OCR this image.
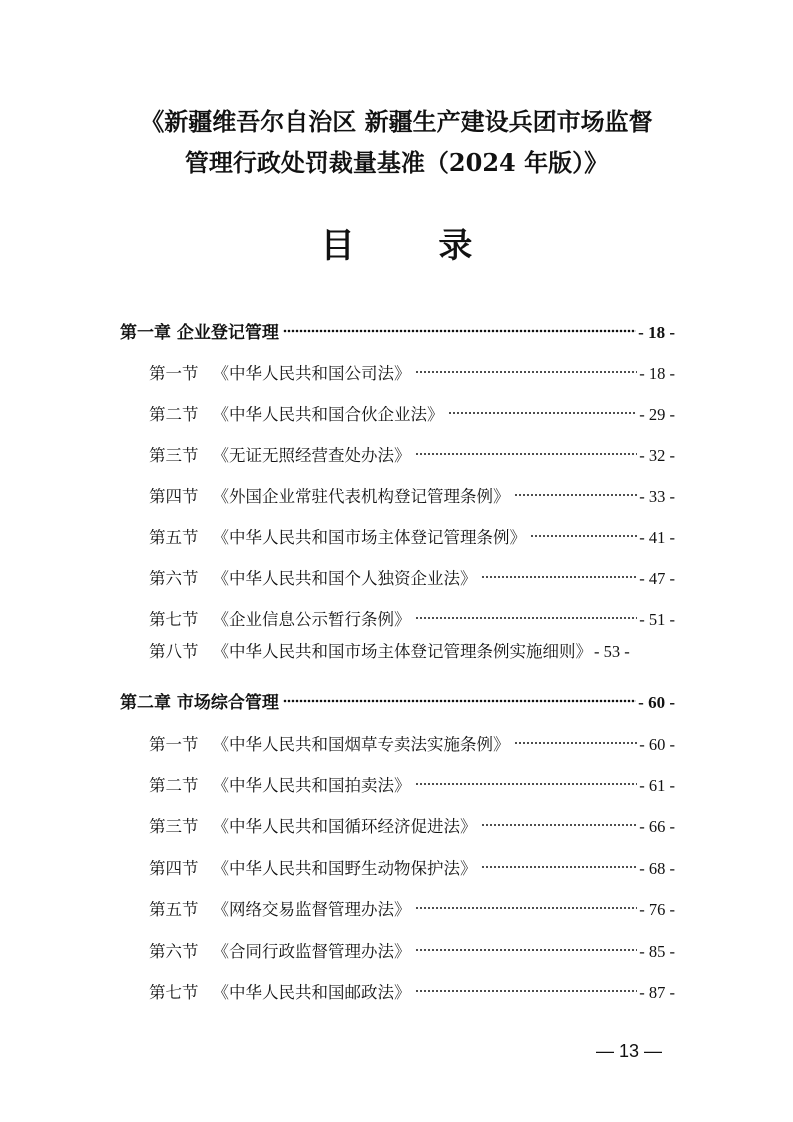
《新疆维吾尔自治区 新疆生产建设兵团市场监督
管理行政处罚裁量基准（2024 年版）》
目 录
第一章 企业登记管理	- 18 -
第一节 《中华人民共和国公司法》	- 18 -
第二节 《中华人民共和国合伙企业法》	- 29 -
第三节 《无证无照经营查处办法》	- 32 -
第四节 《外国企业常驻代表机构登记管理条例》	- 33 -
第五节 《中华人民共和国市场主体登记管理条例》	- 41 -
第六节 《中华人民共和国个人独资企业法》	- 47 -
第七节 《企业信息公示暂行条例》	- 51 -
第八节 《中华人民共和国市场主体登记管理条例实施细则》 - 53 -
第二章 市场综合管理	- 60 -
第一节 《中华人民共和国烟草专卖法实施条例》	- 60 -
第二节 《中华人民共和国拍卖法》	- 61 -
第三节 《中华人民共和国循环经济促进法》	- 66 -
第四节 《中华人民共和国野生动物保护法》	- 68 -
第五节 《网络交易监督管理办法》	- 76 -
第六节 《合同行政监督管理办法》	- 85 -
第七节 《中华人民共和国邮政法》	- 87 -
— 13 —
